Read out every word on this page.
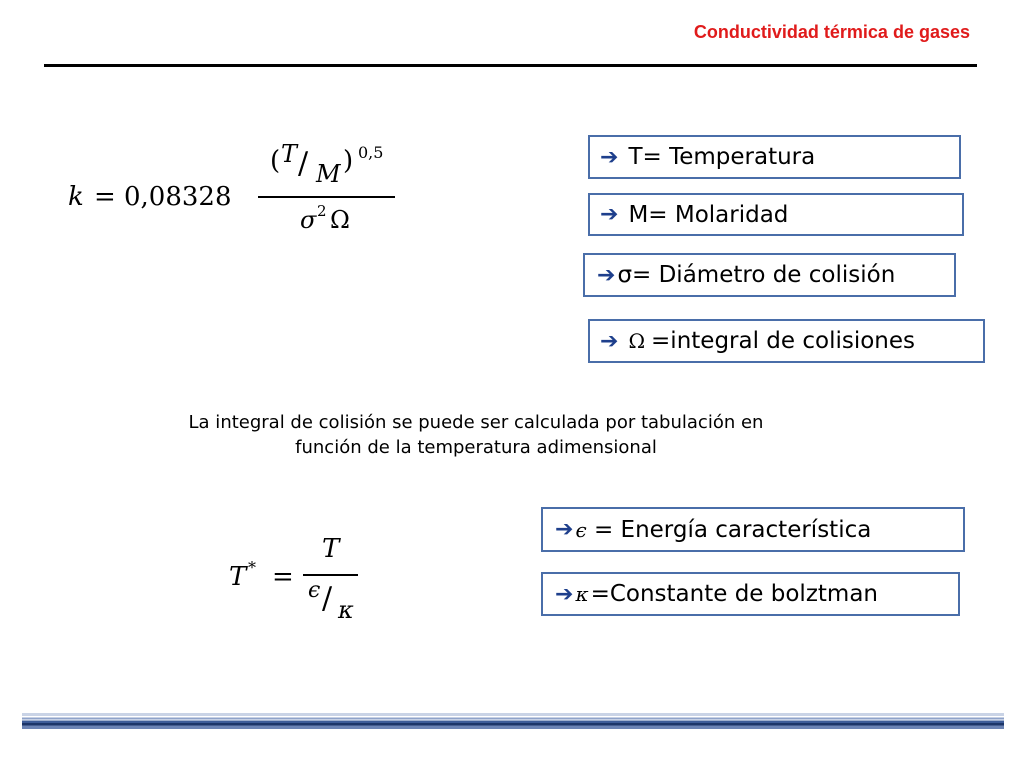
Conductividad térmica de gases
k = 0,08328
( T / M ) 0,5
σ 2 Ω
➔ T= Temperatura
➔ M= Molaridad
➔ σ= Diámetro de colisión
➔ Ω =integral de colisiones
La integral de colisión se puede ser calculada por tabulación en
función de la temperatura adimensional
T * =
T
ϵ / κ
➔ ϵ = Energía característica
➔ κ =Constante de bolztman
